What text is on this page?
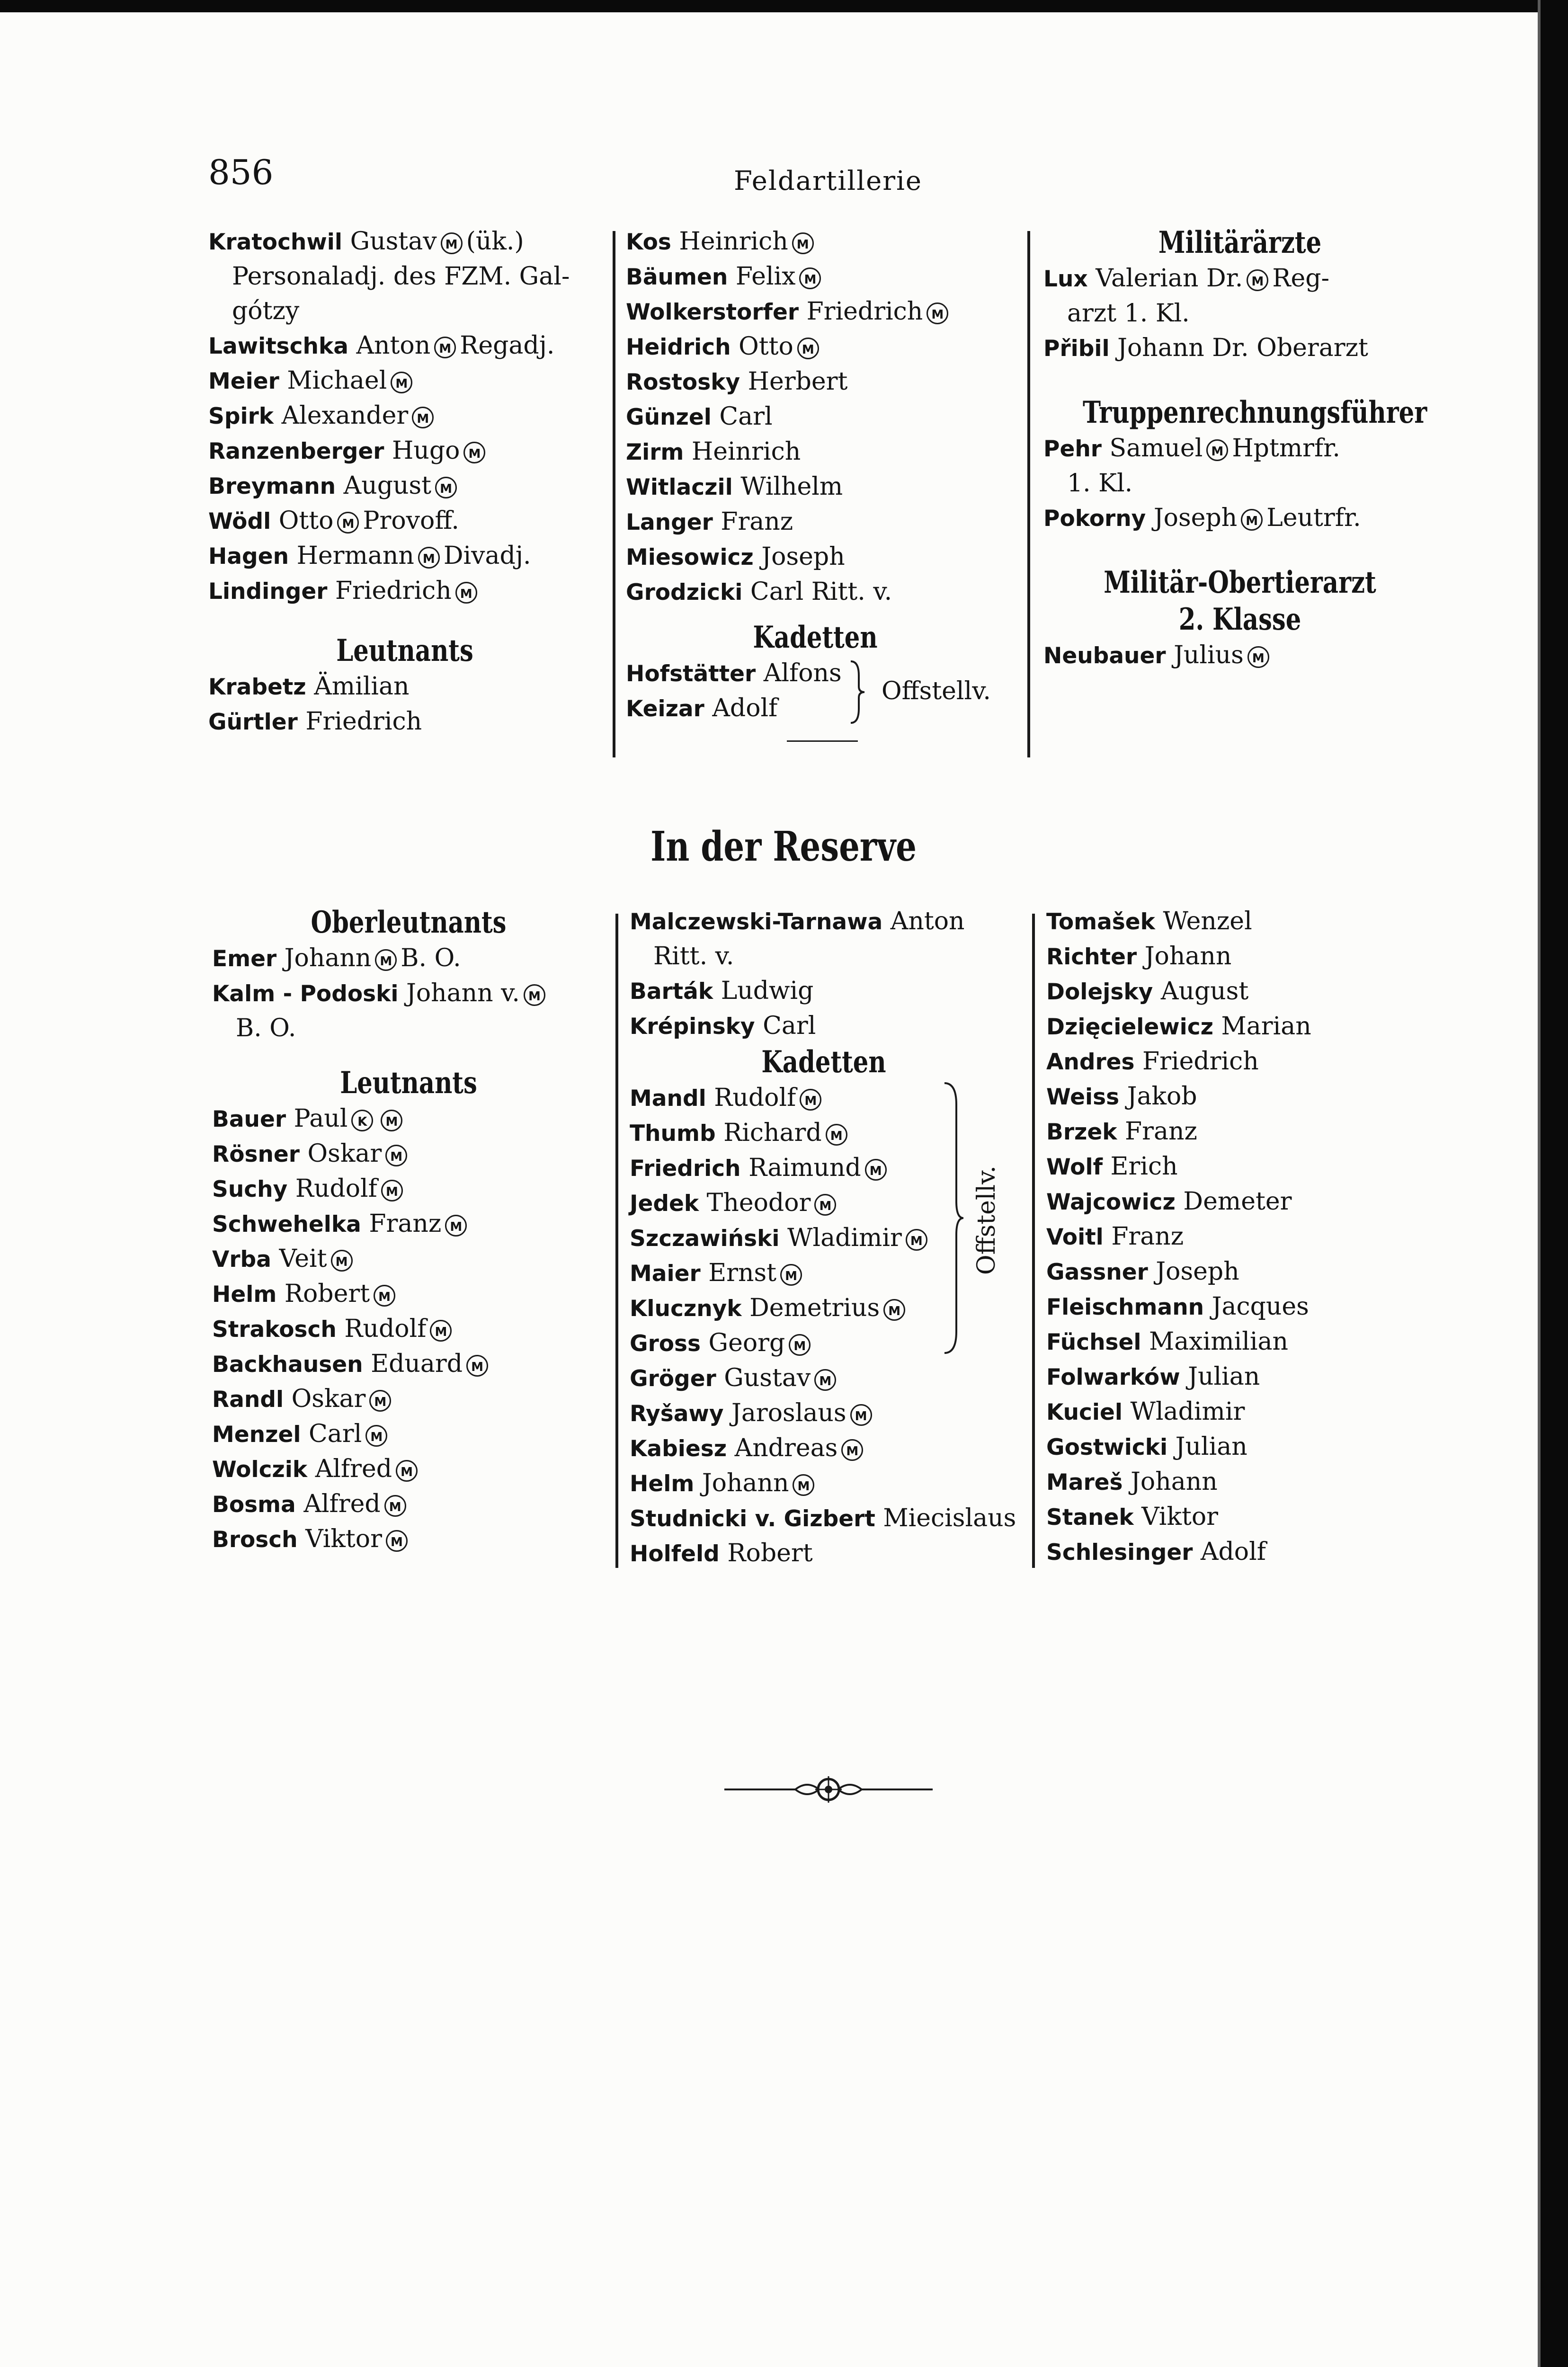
856	Feldartillerie
Kratochwil Gustav M (ük.)
Personaladj. des FZM. Gal-
gótzy
Lawitschka Anton M Regadj.
Meier Michael M
Spirk Alexander M
Ranzenberger Hugo M
Breymann August M
Wödl Otto M Provoff.
Hagen Hermann M Divadj.
Lindinger Friedrich M
Leutnants
Krabetz Ämilian
Gürtler Friedrich
Kos Heinrich M
Bäumen Felix M
Wolkerstorfer Friedrich M
Heidrich Otto M
Rostosky Herbert
Günzel Carl
Zirm Heinrich
Witlaczil Wilhelm
Langer Franz
Miesowicz Joseph
Grodzicki Carl Ritt. v.
Kadetten
Hofstätter Alfons
Keizar Adolf
Offstellv.
Militärärzte
Lux Valerian Dr. M Reg-
arzt 1. Kl.
Přibil Johann Dr. Oberarzt
Truppenrechnungsführer
Pehr Samuel M Hptmrfr.
1. Kl.
Pokorny Joseph M Leutrfr.
Militär-Obertierarzt
2. Klasse
Neubauer Julius M
In der Reserve
Oberleutnants
Emer Johann M B. O.
Kalm - Podoski Johann v. M
B. O.
Leutnants
Bauer Paul K M
Rösner Oskar M
Suchy Rudolf M
Schwehelka Franz M
Vrba Veit M
Helm Robert M
Strakosch Rudolf M
Backhausen Eduard M
Randl Oskar M
Menzel Carl M
Wolczik Alfred M
Bosma Alfred M
Brosch Viktor M
Malczewski-Tarnawa Anton
Ritt. v.
Barták Ludwig
Krépinsky Carl
Kadetten
Mandl Rudolf M
Thumb Richard M
Friedrich Raimund M
Jedek Theodor M
Szczawiński Wladimir M
Maier Ernst M
Klucznyk Demetrius M
Gross Georg M
Offstellv.
Gröger Gustav M
Ryšawy Jaroslaus M
Kabiesz Andreas M
Helm Johann M
Studnicki v. Gizbert Miecislaus
Holfeld Robert
Tomašek Wenzel
Richter Johann
Dolejsky August
Dzięcielewicz Marian
Andres Friedrich
Weiss Jakob
Brzek Franz
Wolf Erich
Wajcowicz Demeter
Voitl Franz
Gassner Joseph
Fleischmann Jacques
Füchsel Maximilian
Folwarków Julian
Kuciel Wladimir
Gostwicki Julian
Mareš Johann
Stanek Viktor
Schlesinger Adolf
